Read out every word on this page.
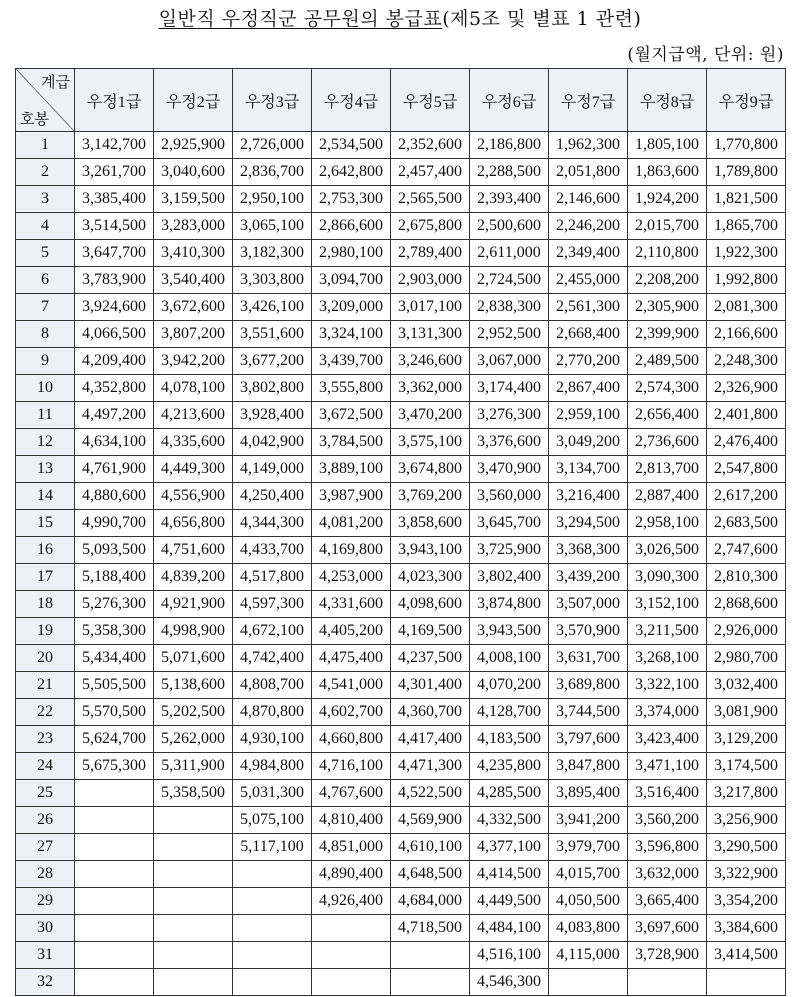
일반직 우정직군 공무원의 봉급표(제5조 및 별표 1 관련)
(월지급액, 단위: 원)
계급
호봉	우정1급	우정2급	우정3급	우정4급	우정5급	우정6급	우정7급	우정8급	우정9급
1	3,142,700	2,925,900	2,726,000	2,534,500	2,352,600	2,186,800	1,962,300	1,805,100	1,770,800
2	3,261,700	3,040,600	2,836,700	2,642,800	2,457,400	2,288,500	2,051,800	1,863,600	1,789,800
3	3,385,400	3,159,500	2,950,100	2,753,300	2,565,500	2,393,400	2,146,600	1,924,200	1,821,500
4	3,514,500	3,283,000	3,065,100	2,866,600	2,675,800	2,500,600	2,246,200	2,015,700	1,865,700
5	3,647,700	3,410,300	3,182,300	2,980,100	2,789,400	2,611,000	2,349,400	2,110,800	1,922,300
6	3,783,900	3,540,400	3,303,800	3,094,700	2,903,000	2,724,500	2,455,000	2,208,200	1,992,800
7	3,924,600	3,672,600	3,426,100	3,209,000	3,017,100	2,838,300	2,561,300	2,305,900	2,081,300
8	4,066,500	3,807,200	3,551,600	3,324,100	3,131,300	2,952,500	2,668,400	2,399,900	2,166,600
9	4,209,400	3,942,200	3,677,200	3,439,700	3,246,600	3,067,000	2,770,200	2,489,500	2,248,300
10	4,352,800	4,078,100	3,802,800	3,555,800	3,362,000	3,174,400	2,867,400	2,574,300	2,326,900
11	4,497,200	4,213,600	3,928,400	3,672,500	3,470,200	3,276,300	2,959,100	2,656,400	2,401,800
12	4,634,100	4,335,600	4,042,900	3,784,500	3,575,100	3,376,600	3,049,200	2,736,600	2,476,400
13	4,761,900	4,449,300	4,149,000	3,889,100	3,674,800	3,470,900	3,134,700	2,813,700	2,547,800
14	4,880,600	4,556,900	4,250,400	3,987,900	3,769,200	3,560,000	3,216,400	2,887,400	2,617,200
15	4,990,700	4,656,800	4,344,300	4,081,200	3,858,600	3,645,700	3,294,500	2,958,100	2,683,500
16	5,093,500	4,751,600	4,433,700	4,169,800	3,943,100	3,725,900	3,368,300	3,026,500	2,747,600
17	5,188,400	4,839,200	4,517,800	4,253,000	4,023,300	3,802,400	3,439,200	3,090,300	2,810,300
18	5,276,300	4,921,900	4,597,300	4,331,600	4,098,600	3,874,800	3,507,000	3,152,100	2,868,600
19	5,358,300	4,998,900	4,672,100	4,405,200	4,169,500	3,943,500	3,570,900	3,211,500	2,926,000
20	5,434,400	5,071,600	4,742,400	4,475,400	4,237,500	4,008,100	3,631,700	3,268,100	2,980,700
21	5,505,500	5,138,600	4,808,700	4,541,000	4,301,400	4,070,200	3,689,800	3,322,100	3,032,400
22	5,570,500	5,202,500	4,870,800	4,602,700	4,360,700	4,128,700	3,744,500	3,374,000	3,081,900
23	5,624,700	5,262,000	4,930,100	4,660,800	4,417,400	4,183,500	3,797,600	3,423,400	3,129,200
24	5,675,300	5,311,900	4,984,800	4,716,100	4,471,300	4,235,800	3,847,800	3,471,100	3,174,500
25		5,358,500	5,031,300	4,767,600	4,522,500	4,285,500	3,895,400	3,516,400	3,217,800
26			5,075,100	4,810,400	4,569,900	4,332,500	3,941,200	3,560,200	3,256,900
27			5,117,100	4,851,000	4,610,100	4,377,100	3,979,700	3,596,800	3,290,500
28				4,890,400	4,648,500	4,414,500	4,015,700	3,632,000	3,322,900
29				4,926,400	4,684,000	4,449,500	4,050,500	3,665,400	3,354,200
30					4,718,500	4,484,100	4,083,800	3,697,600	3,384,600
31						4,516,100	4,115,000	3,728,900	3,414,500
32						4,546,300			
